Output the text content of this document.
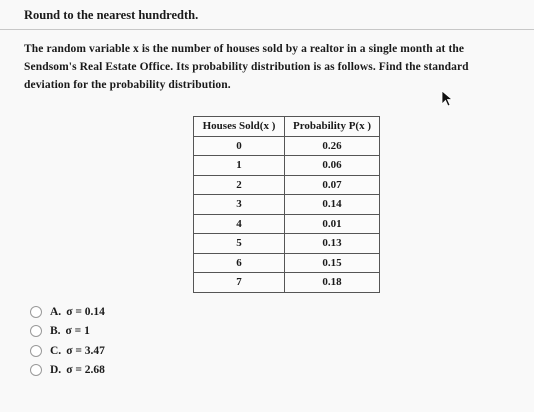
Round to the nearest hundredth.
The random variable x is the number of houses sold by a realtor in a single month at the
Sendsom's Real Estate Office. Its probability distribution is as follows. Find the standard
deviation for the probability distribution.
Houses Sold(x )	Probability P(x )
0	0.26
1	0.06
2	0.07
3	0.14
4	0.01
5	0.13
6	0.15
7	0.18
A. σ = 0.14
B. σ = 1
C. σ = 3.47
D. σ = 2.68
